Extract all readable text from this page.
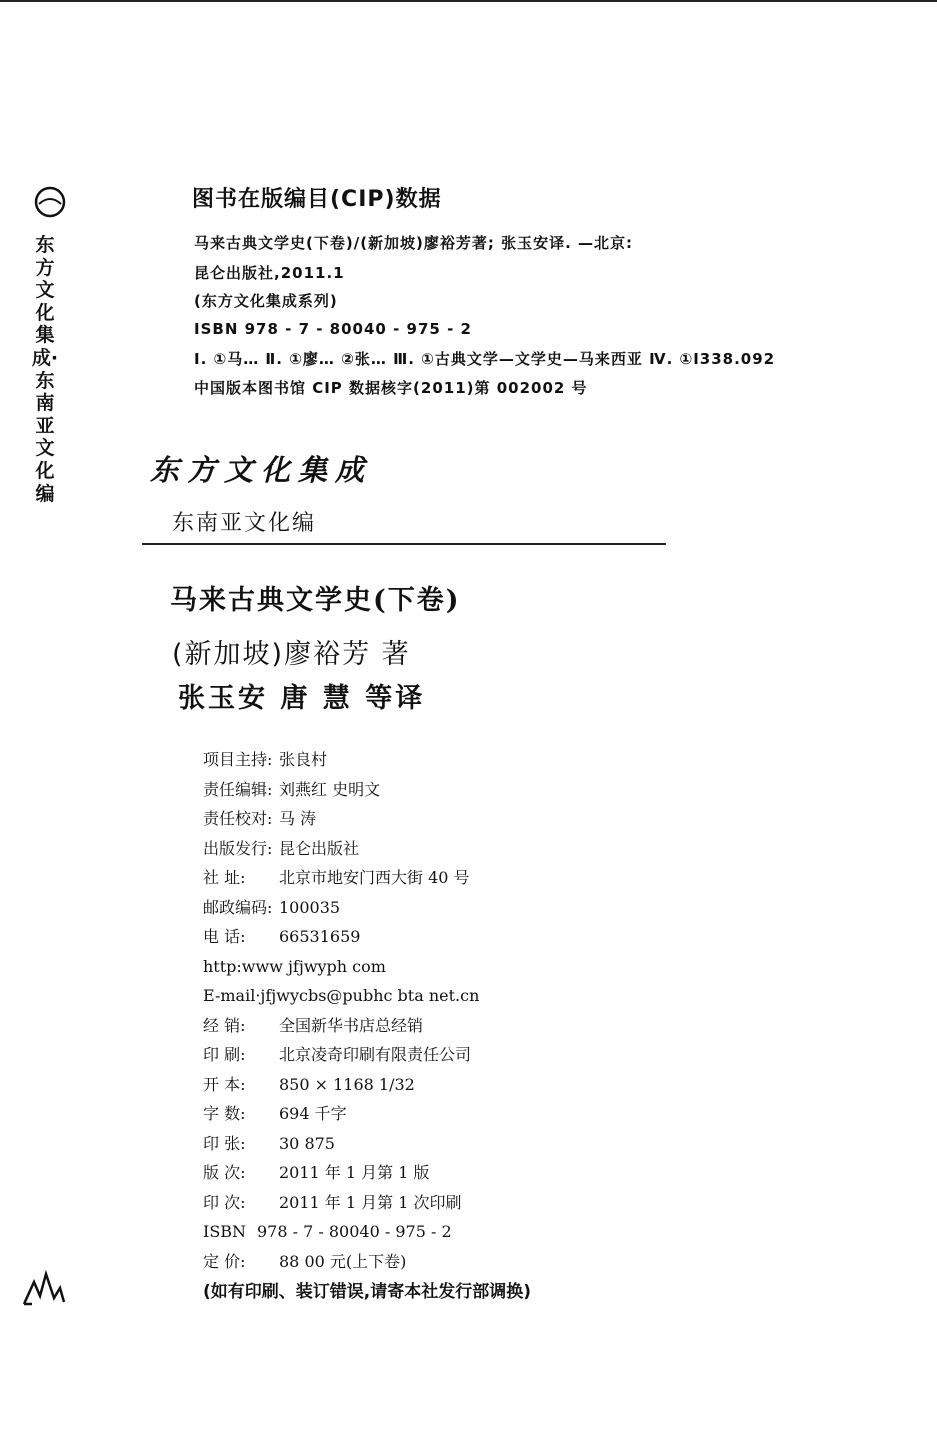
东方文化集成·东南亚文化编
图书在版编目(CIP)数据
马来古典文学史(下卷)/(新加坡)廖裕芳著; 张玉安译. —北京:
昆仑出版社,2011.1
(东方文化集成系列)
ISBN 978 - 7 - 80040 - 975 - 2
I. ①马… Ⅱ. ①廖… ②张… Ⅲ. ①古典文学—文学史—马来西亚 Ⅳ. ①I338.092
中国版本图书馆 CIP 数据核字(2011)第 002002 号
东方文化集成
东南亚文化编
马来古典文学史(下卷)
(新加坡)廖裕芳 著
张玉安 唐 慧 等译
项目主持: 张良村
责任编辑: 刘燕红 史明文
责任校对: 马 涛
出版发行: 昆仑出版社
社 址: 北京市地安门西大街 40 号
邮政编码: 100035
电 话: 66531659
http:www jfjwyph com
E-mail·jfjwycbs@pubhc bta net.cn
经 销: 全国新华书店总经销
印 刷: 北京凌奇印刷有限责任公司
开 本: 850 × 1168 1/32
字 数: 694 千字
印 张: 30 875
版 次: 2011 年 1 月第 1 版
印 次: 2011 年 1 月第 1 次印刷
ISBN 978 - 7 - 80040 - 975 - 2
定 价: 88 00 元(上下卷)
(如有印刷、装订错误,请寄本社发行部调换)
